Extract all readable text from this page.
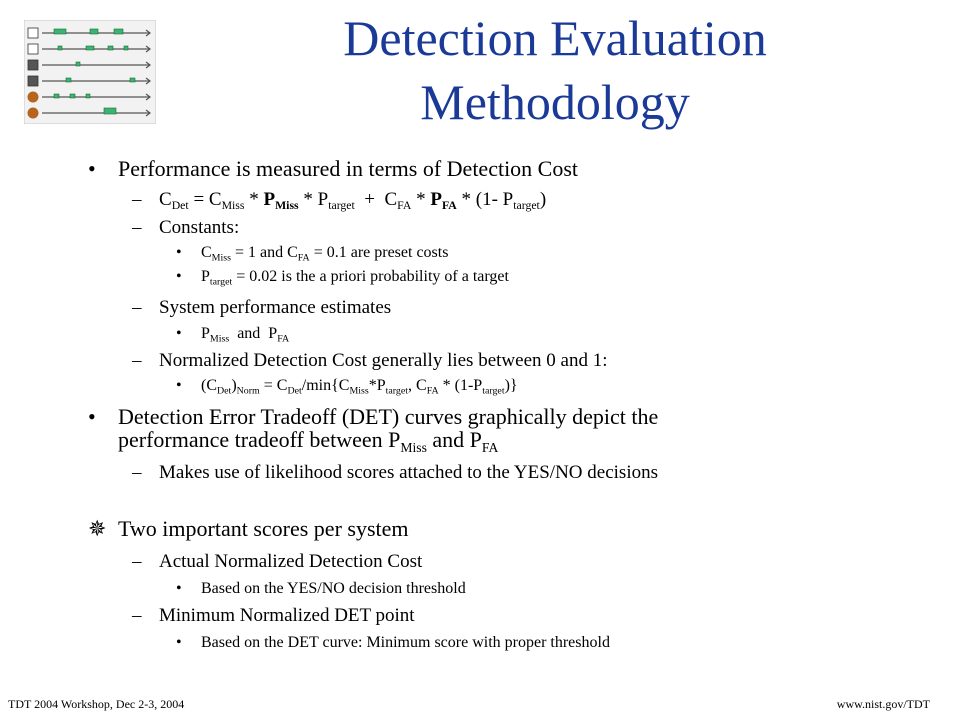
Detection Evaluation
Methodology
• Performance is measured in terms of Detection Cost
– $C_{Det} = C_{Miss} * P_{Miss} * P_{target} + C_{FA} * P_{FA} * (1-$ $P_{target}$)
– Constants:
• $C_{Miss} = 1$ and $C_{FA} = 0.1$ are preset costs
• $P_{target} = 0.02$ is the a priori probability of a target
– System performance estimates
• $P_{Miss}$  and  $P_{FA}$
– Normalized Detection Cost generally lies between 0 and 1:
• $(C_{Det})_{Norm} = C_{Det}/\min\{C_{Miss}*P_{target}$, $C_{FA} * (1-P_{target})$}
• Detection Error Tradeoff (DET) curves graphically depict the
performance tradeoff between $P_{Miss}$ and $P_{FA}$
– Makes use of likelihood scores attached to the YES/NO decisions
✵ Two important scores per system
– Actual Normalized Detection Cost
• Based on the YES/NO decision threshold
– Minimum Normalized DET point
• Based on the DET curve: Minimum score with proper threshold
TDT 2004 Workshop, Dec 2-3, 2004	www.nist.gov/TDT
